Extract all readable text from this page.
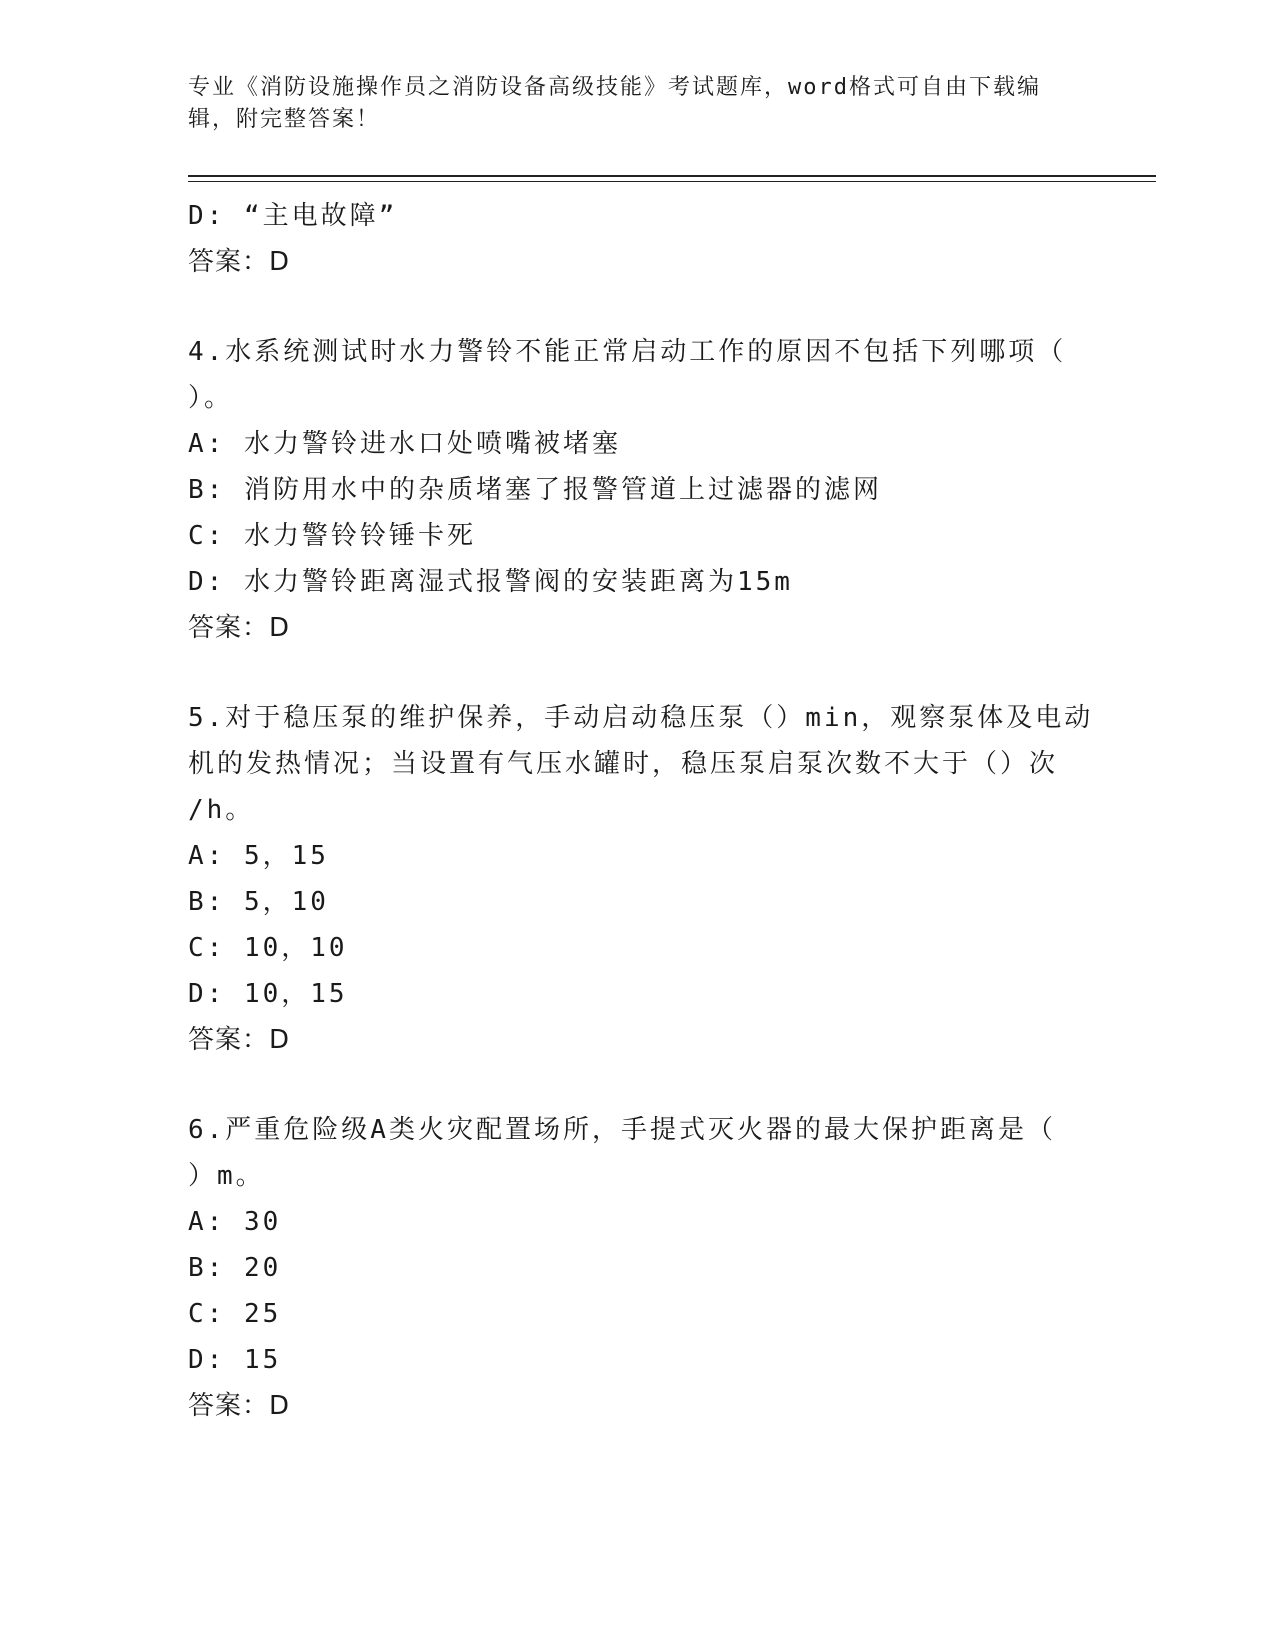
专业《消防设施操作员之消防设备高级技能》考试题库，word格式可自由下载编
辑，附完整答案！
D: “主电故障”
答案：D
4.水系统测试时水力警铃不能正常启动工作的原因不包括下列哪项（
）。
A: 水力警铃进水口处喷嘴被堵塞
B: 消防用水中的杂质堵塞了报警管道上过滤器的滤网
C: 水力警铃铃锤卡死
D: 水力警铃距离湿式报警阀的安装距离为15m
答案：D
5.对于稳压泵的维护保养，手动启动稳压泵（）min，观察泵体及电动
机的发热情况；当设置有气压水罐时，稳压泵启泵次数不大于（）次
/h。
A: 5，15
B: 5，10
C: 10，10
D: 10，15
答案：D
6.严重危险级A类火灾配置场所，手提式灭火器的最大保护距离是（
）m。
A: 30
B: 20
C: 25
D: 15
答案：D
